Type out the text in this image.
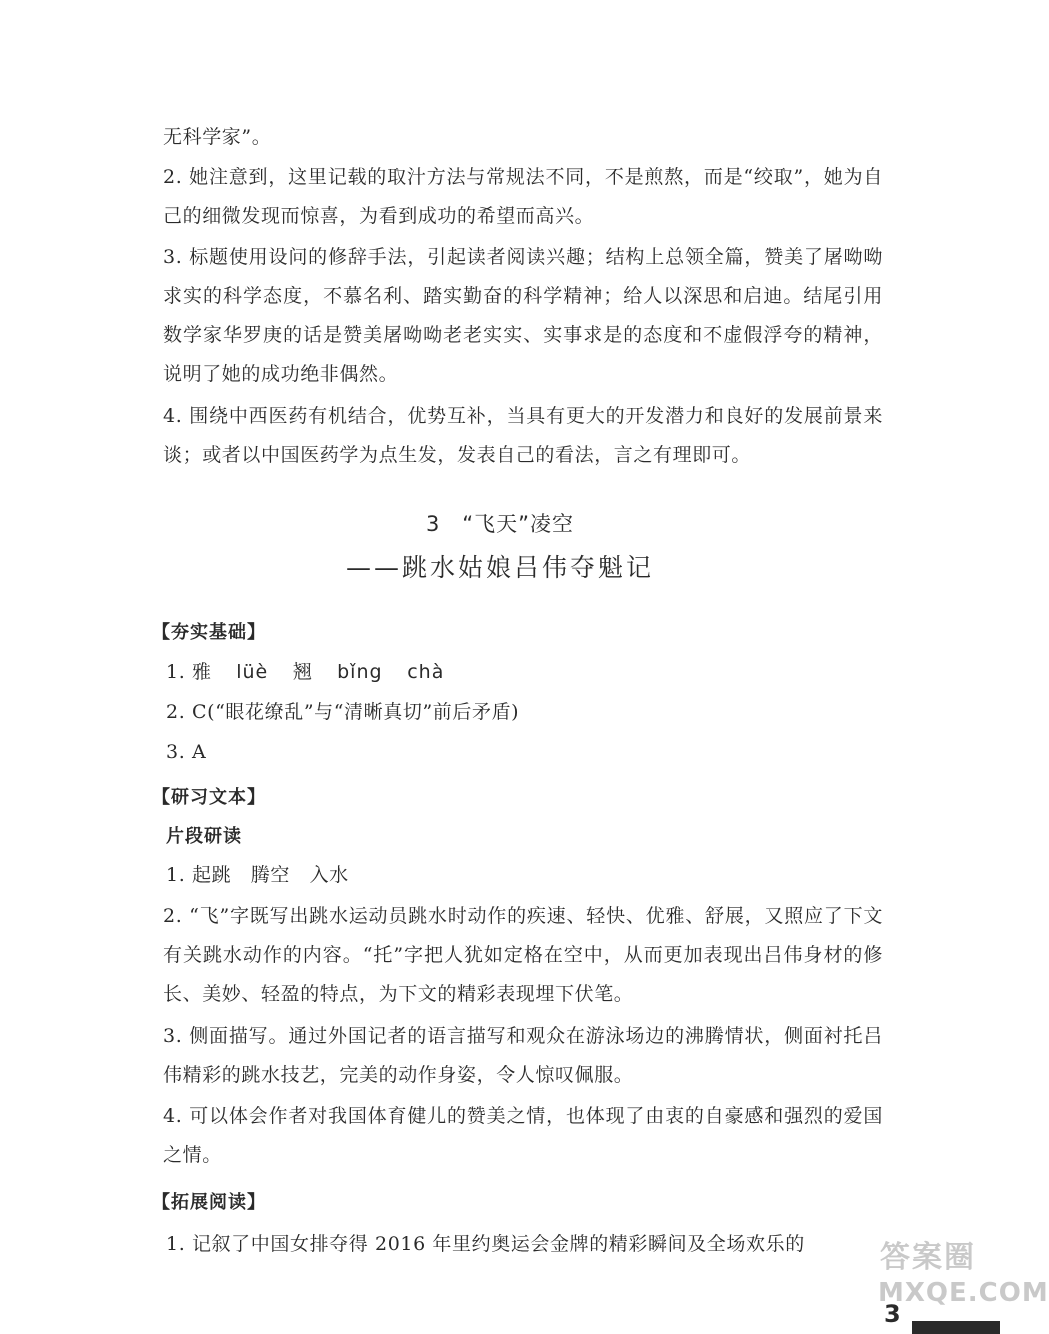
无科学家”。

2. 她注意到，这里记载的取汁方法与常规法不同，不是煎熬，而是“绞取”，她为自己的细微发现而惊喜，为看到成功的希望而高兴。

3. 标题使用设问的修辞手法，引起读者阅读兴趣；结构上总领全篇，赞美了屠呦呦求实的科学态度，不慕名利、踏实勤奋的科学精神；给人以深思和启迪。结尾引用数学家华罗庚的话是赞美屠呦呦老老实实、实事求是的态度和不虚假浮夸的精神，说明了她的成功绝非偶然。

4. 围绕中西医药有机结合，优势互补，当具有更大的开发潜力和良好的发展前景来谈；或者以中国医药学为点生发，发表自己的看法，言之有理即可。

3　“飞天”凌空
——跳水姑娘吕伟夺魁记
【夯实基础】
1. 雅 lüè 翘 bǐng chà
2. C(“眼花缭乱”与“清晰真切”前后矛盾)
3. A
【研习文本】
片段研读
1. 起跳　腾空　入水

2. “飞”字既写出跳水运动员跳水时动作的疾速、轻快、优雅、舒展，又照应了下文有关跳水动作的内容。“托”字把人犹如定格在空中，从而更加表现出吕伟身材的修长、美妙、轻盈的特点，为下文的精彩表现埋下伏笔。

3. 侧面描写。通过外国记者的语言描写和观众在游泳场边的沸腾情状，侧面衬托吕伟精彩的跳水技艺，完美的动作身姿，令人惊叹佩服。

4. 可以体会作者对我国体育健儿的赞美之情，也体现了由衷的自豪感和强烈的爱国之情。

【拓展阅读】
1. 记叙了中国女排夺得 2016 年里约奥运会金牌的精彩瞬间及全场欢乐的	答案圈
MXQE.COM
3
